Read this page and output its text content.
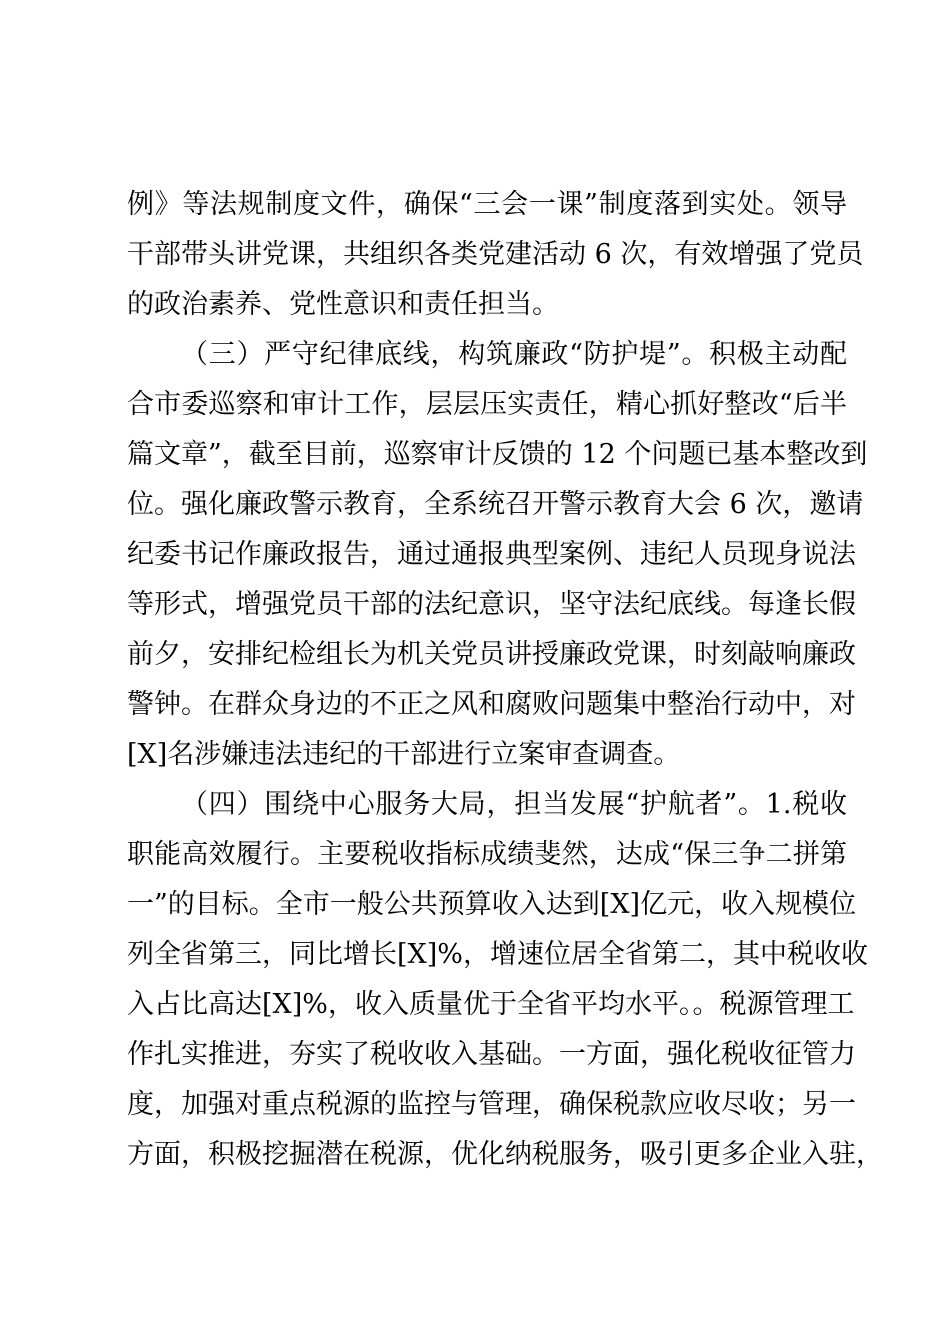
例》等法规制度文件，确保“三会一课”制度落到实处。领导
干部带头讲党课，共组织各类党建活动 6 次，有效增强了党员
的政治素养、党性意识和责任担当。
（三）严守纪律底线，构筑廉政“防护堤”。积极主动配
合市委巡察和审计工作，层层压实责任，精心抓好整改“后半
篇文章”，截至目前，巡察审计反馈的 12 个问题已基本整改到
位。强化廉政警示教育，全系统召开警示教育大会 6 次，邀请
纪委书记作廉政报告，通过通报典型案例、违纪人员现身说法
等形式，增强党员干部的法纪意识，坚守法纪底线。每逢长假
前夕，安排纪检组长为机关党员讲授廉政党课，时刻敲响廉政
警钟。在群众身边的不正之风和腐败问题集中整治行动中，对
[X]名涉嫌违法违纪的干部进行立案审查调查。
（四）围绕中心服务大局，担当发展“护航者”。1.税收
职能高效履行。主要税收指标成绩斐然，达成“保三争二拼第
一”的目标。全市一般公共预算收入达到[X]亿元，收入规模位
列全省第三，同比增长[X]%，增速位居全省第二，其中税收收
入占比高达[X]%，收入质量优于全省平均水平。。税源管理工
作扎实推进，夯实了税收收入基础。一方面，强化税收征管力
度，加强对重点税源的监控与管理，确保税款应收尽收；另一
方面，积极挖掘潜在税源，优化纳税服务，吸引更多企业入驻，
